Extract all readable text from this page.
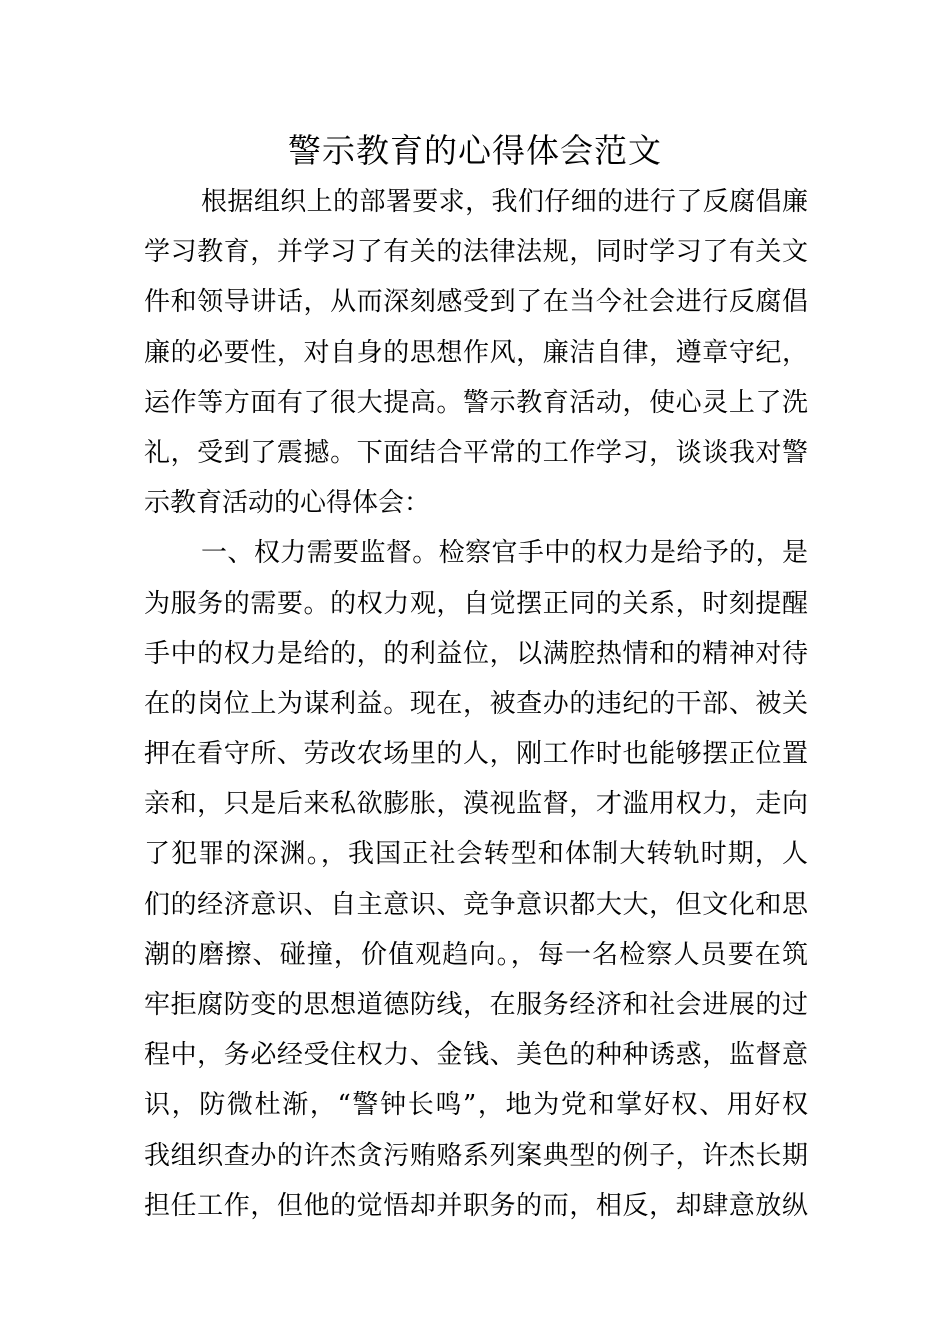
警示教育的心得体会范文
根据组织上的部署要求，我们仔细的进行了反腐倡廉
学习教育，并学习了有关的法律法规，同时学习了有关文
件和领导讲话，从而深刻感受到了在当今社会进行反腐倡
廉的必要性，对自身的思想作风，廉洁自律，遵章守纪，
运作等方面有了很大提高。警示教育活动，使心灵上了洗
礼，受到了震撼。下面结合平常的工作学习，谈谈我对警
示教育活动的心得体会：
一、权力需要监督。检察官手中的权力是给予的，是
为服务的需要。的权力观，自觉摆正同的关系，时刻提醒
手中的权力是给的，的利益位，以满腔热情和的精神对待
在的岗位上为谋利益。现在，被查办的违纪的干部、被关
押在看守所、劳改农场里的人，刚工作时也能够摆正位置
亲和，只是后来私欲膨胀，漠视监督，才滥用权力，走向
了犯罪的深渊。，我国正社会转型和体制大转轨时期，人
们的经济意识、自主意识、竞争意识都大大，但文化和思
潮的磨擦、碰撞，价值观趋向。，每一名检察人员要在筑
牢拒腐防变的思想道德防线，在服务经济和社会进展的过
程中，务必经受住权力、金钱、美色的种种诱惑，监督意
识，防微杜渐，“警钟长鸣”，地为党和掌好权、用好权
我组织查办的许杰贪污贿赂系列案典型的例子，许杰长期
担任工作，但他的觉悟却并职务的而，相反，却肆意放纵
